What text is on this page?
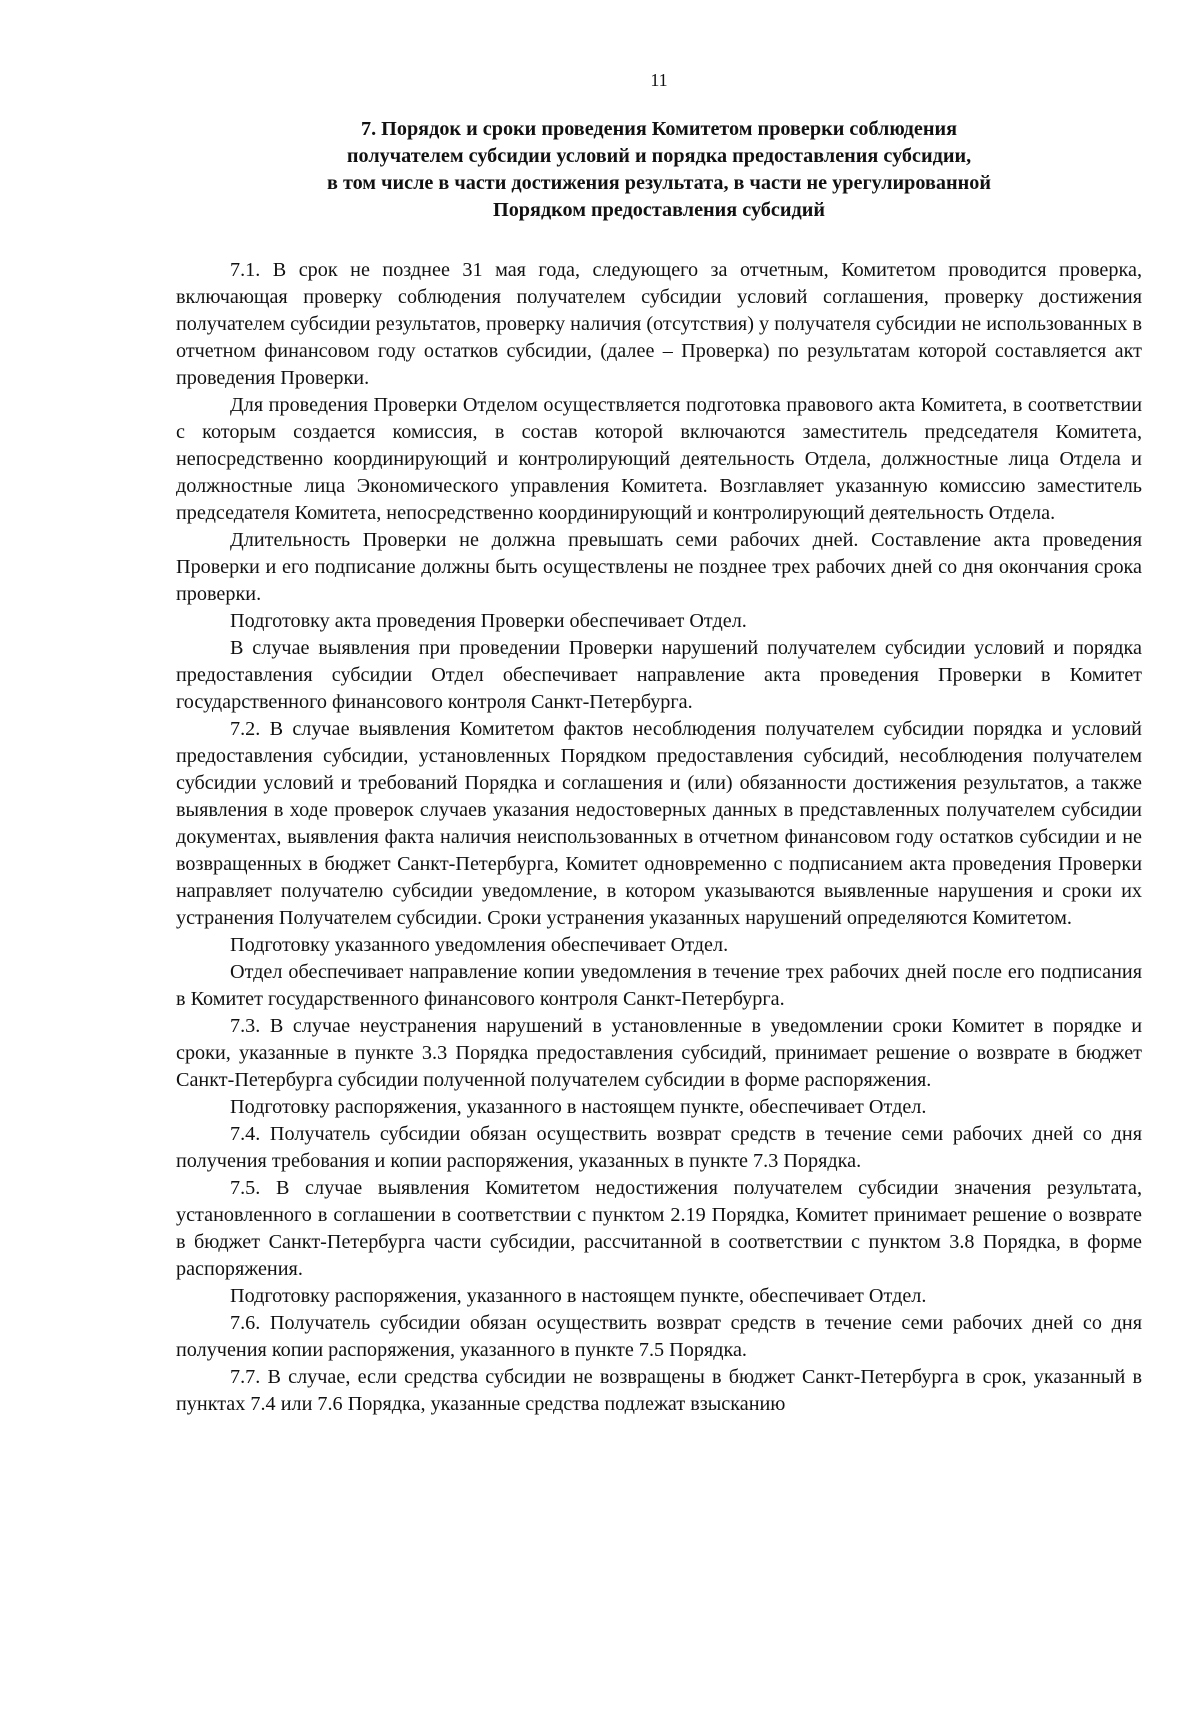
11
7. Порядок и сроки проведения Комитетом проверки соблюдения
получателем субсидии условий и порядка предоставления субсидии,
в том числе в части достижения результата, в части не урегулированной
Порядком предоставления субсидий

7.1. В срок не позднее 31 мая года, следующего за отчетным, Комитетом проводится проверка, включающая проверку соблюдения получателем субсидии условий соглашения, проверку достижения получателем субсидии результатов, проверку наличия (отсутствия) у получателя субсидии не использованных в отчетном финансовом году остатков субсидии, (далее – Проверка) по результатам которой составляется акт проведения Проверки.

Для проведения Проверки Отделом осуществляется подготовка правового акта Комитета, в соответствии с которым создается комиссия, в состав которой включаются заместитель председателя Комитета, непосредственно координирующий и контролирующий деятельность Отдела, должностные лица Отдела и должностные лица Экономического управления Комитета. Возглавляет указанную комиссию заместитель председателя Комитета, непосредственно координирующий и контролирующий деятельность Отдела.

Длительность Проверки не должна превышать семи рабочих дней. Составление акта проведения Проверки и его подписание должны быть осуществлены не позднее трех рабочих дней со дня окончания срока проверки.

Подготовку акта проведения Проверки обеспечивает Отдел.

В случае выявления при проведении Проверки нарушений получателем субсидии условий и порядка предоставления субсидии Отдел обеспечивает направление акта проведения Проверки в Комитет государственного финансового контроля Санкт-Петербурга.

7.2. В случае выявления Комитетом фактов несоблюдения получателем субсидии порядка и условий предоставления субсидии, установленных Порядком предоставления субсидий, несоблюдения получателем субсидии условий и требований Порядка и соглашения и (или) обязанности достижения результатов, а также выявления в ходе проверок случаев указания недостоверных данных в представленных получателем субсидии документах, выявления факта наличия неиспользованных в отчетном финансовом году остатков субсидии и не возвращенных в бюджет Санкт-Петербурга, Комитет одновременно с подписанием акта проведения Проверки направляет получателю субсидии уведомление, в котором указываются выявленные нарушения и сроки их устранения Получателем субсидии. Сроки устранения указанных нарушений определяются Комитетом.

Подготовку указанного уведомления обеспечивает Отдел.

Отдел обеспечивает направление копии уведомления в течение трех рабочих дней после его подписания в Комитет государственного финансового контроля Санкт-Петербурга.

7.3. В случае неустранения нарушений в установленные в уведомлении сроки Комитет в порядке и сроки, указанные в пункте 3.3 Порядка предоставления субсидий, принимает решение о возврате в бюджет Санкт-Петербурга субсидии полученной получателем субсидии в форме распоряжения.

Подготовку распоряжения, указанного в настоящем пункте, обеспечивает Отдел.

7.4. Получатель субсидии обязан осуществить возврат средств в течение семи рабочих дней со дня получения требования и копии распоряжения, указанных в пункте 7.3 Порядка.

7.5. В случае выявления Комитетом недостижения получателем субсидии значения результата, установленного в соглашении в соответствии с пунктом 2.19 Порядка, Комитет принимает решение о возврате в бюджет Санкт-Петербурга части субсидии, рассчитанной в соответствии с пунктом 3.8 Порядка, в форме распоряжения.

Подготовку распоряжения, указанного в настоящем пункте, обеспечивает Отдел.

7.6. Получатель субсидии обязан осуществить возврат средств в течение семи рабочих дней со дня получения копии распоряжения, указанного в пункте 7.5 Порядка.

7.7. В случае, если средства субсидии не возвращены в бюджет Санкт-Петербурга в срок, указанный в пунктах 7.4 или 7.6 Порядка, указанные средства подлежат взысканию
